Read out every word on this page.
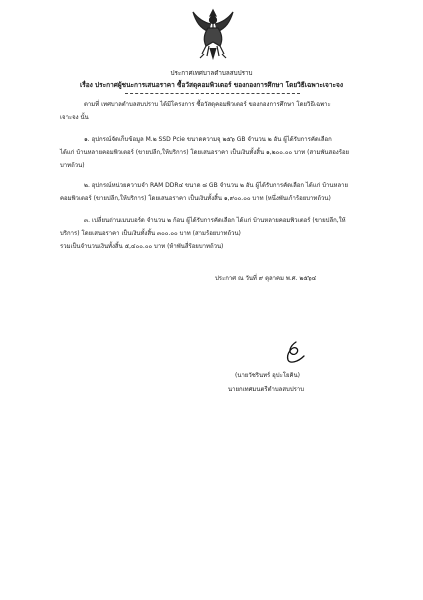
ประกาศเทศบาลตำบลสบปราบ
เรื่อง ประกาศผู้ชนะการเสนอราคา ซื้อวัสดุคอมพิวเตอร์ ของกองการศึกษา โดยวิธีเฉพาะเจาะจง
ตามที่ เทศบาลตำบลสบปราบ ได้มีโครงการ ซื้อวัสดุคอมพิวเตอร์ ของกองการศึกษา โดยวิธีเฉพาะ
เจาะจง นั้น
๑. อุปกรณ์จัดเก็บข้อมูล M.๒ SSD Pcie ขนาดความจุ ๒๕๖ GB จำนวน ๒ อัน ผู้ได้รับการคัดเลือก
ได้แก่ บ้านหลายคอมพิวเตอร์ (ขายปลีก,ให้บริการ) โดยเสนอราคา เป็นเงินทั้งสิ้น ๑,๒๐๐.๐๐ บาท (สามพันสองร้อย
บาทถ้วน)
๒. อุปกรณ์หน่วยความจำ RAM DDR๔ ขนาด ๘ GB จำนวน ๒ อัน ผู้ได้รับการคัดเลือก ได้แก่ บ้านหลาย
คอมพิวเตอร์ (ขายปลีก,ให้บริการ) โดยเสนอราคา เป็นเงินทั้งสิ้น ๑,๙๐๐.๐๐ บาท (หนึ่งพันเก้าร้อยบาทถ้วน)
๓. เปลี่ยนถ่านเมนบอร์ด จำนวน ๒ ก้อน ผู้ได้รับการคัดเลือก ได้แก่ บ้านหลายคอมพิวเตอร์ (ขายปลีก,ให้
บริการ) โดยเสนอราคา เป็นเงินทั้งสิ้น ๓๐๐.๐๐ บาท (สามร้อยบาทถ้วน)
รวมเป็นจำนวนเงินทั้งสิ้น ๕,๔๐๐.๐๐ บาท (ห้าพันสี่ร้อยบาทถ้วน)
ประกาศ ณ วันที่ ๙ ตุลาคม พ.ศ. ๒๕๖๔
(นายวัชรินทร์ อุปะโยคิน)
นายกเทศมนตรีตำบลสบปราบ
